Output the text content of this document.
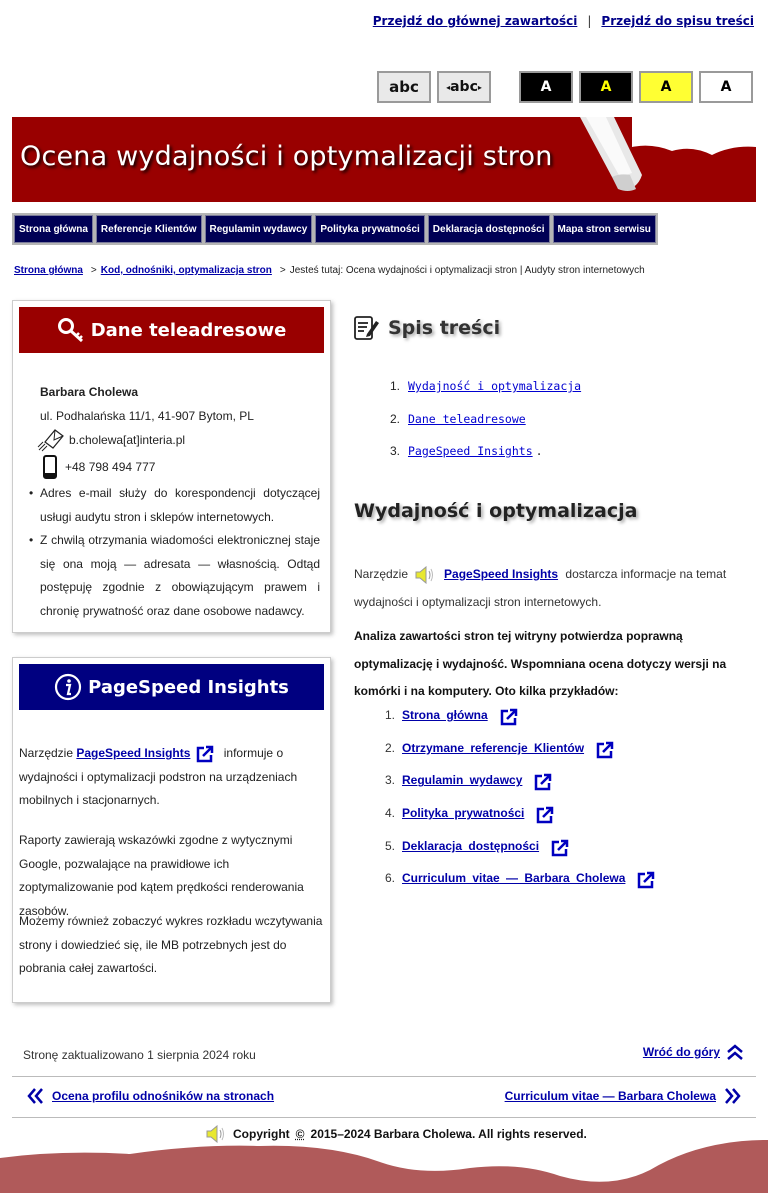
Przejdź do głównej zawartości | Przejdź do spisu treści
abc	◂ abc ▸	A	A	A	A
Ocena wydajności i optymalizacji stron
Strona główna	Referencje Klientów	Regulamin wydawcy	Polityka prywatności	Deklaracja dostępności	Mapa stron serwisu
Strona główna > Kod, odnośniki, optymalizacja stron > Jesteś tutaj: Ocena wydajności i optymalizacji stron | Audyty stron internetowych
Dane teleadresowe
Barbara Cholewa
ul. Podhalańska 11/1, 41-907 Bytom, PL
b.cholewa[at]interia.pl
+48 798 494 777
• Adres e-mail służy do korespondencji dotyczącej usługi audytu stron i sklepów internetowych.
• Z chwilą otrzymania wiadomości elektronicznej staje się ona moją — adresata — własnością. Odtąd postępuję zgodnie z obowiązującym prawem i chronię prywatność oraz dane osobowe nadawcy.
PageSpeed Insights
Narzędzie PageSpeed Insights	informuje o wydajności i optymalizacji podstron na urządzeniach mobilnych i stacjonarnych.
Raporty zawierają wskazówki zgodne z wytycznymi Google, pozwalające na prawidłowe ich zoptymalizowanie pod kątem prędkości renderowania zasobów.
Możemy również zobaczyć wykres rozkładu wczytywania strony i dowiedzieć się, ile MB potrzebnych jest do pobrania całej zawartości.
Spis treści
1. Wydajność i optymalizacja
2. Dane teleadresowe
3. PageSpeed Insights .
Wydajność i optymalizacja
Narzędzie	PageSpeed Insights dostarcza informacje na temat wydajności i optymalizacji stron internetowych.
Analiza zawartości stron tej witryny potwierdza poprawną optymalizację i wydajność. Wspomniana ocena dotyczy wersji na komórki i na komputery. Oto kilka przykładów:
1. Strona główna
2. Otrzymane referencje Klientów
3. Regulamin wydawcy
4. Polityka prywatności
5. Deklaracja dostępności
6. Curriculum vitae — Barbara Cholewa
Stronę zaktualizowano 1 sierpnia 2024 roku	Wróć do góry
Ocena profilu odnośników na stronach	Curriculum vitae — Barbara Cholewa
Copyright © 2015–2024 Barbara Cholewa. All rights reserved.
